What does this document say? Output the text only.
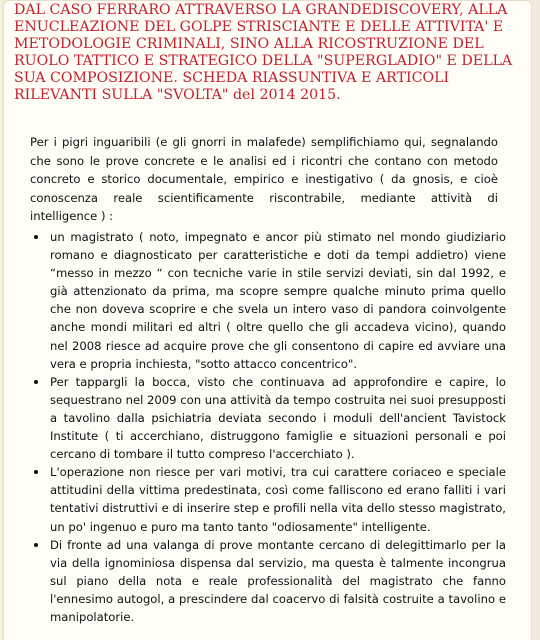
DAL CASO FERRARO ATTRAVERSO LA GRANDEDISCOVERY, ALLA ENUCLEAZIONE DEL GOLPE STRISCIANTE E DELLE ATTIVITA' E METODOLOGIE CRIMINALI, SINO ALLA RICOSTRUZIONE DEL RUOLO TATTICO E STRATEGICO DELLA "SUPERGLADIO" E DELLA SUA COMPOSIZIONE. SCHEDA RIASSUNTIVA E ARTICOLI RILEVANTI SULLA "SVOLTA" del 2014 2015.

Per i pigri inguaribili (e gli gnorri in malafede) semplifichiamo qui, segnalando che sono le prove concrete e le analisi ed i ricontri che contano con metodo concreto e storico documentale, empirico e inestigativo ( da gnosis, e cioè conoscenza reale scientificamente riscontrabile, mediante attività di intelligence ) :

un magistrato ( noto, impegnato e ancor più stimato nel mondo giudiziario romano e diagnosticato per caratteristiche e doti da tempi addietro) viene “messo in mezzo “ con tecniche varie in stile servizi deviati, sin dal 1992, e già attenzionato da prima, ma scopre sempre qualche minuto prima quello che non doveva scoprire e che svela un intero vaso di pandora coinvolgente anche mondi militari ed altri ( oltre quello che gli accadeva vicino), quando nel 2008 riesce ad acquire prove che gli consentono di capire ed avviare una vera e propria inchiesta, "sotto attacco concentrico".
Per tappargli la bocca, visto che continuava ad approfondire e capire, lo sequestrano nel 2009 con una attività da tempo costruita nei suoi presupposti a tavolino dalla psichiatria deviata secondo i moduli dell'ancient Tavistock Institute ( ti accerchiano, distruggono famiglie e situazioni personali e poi cercano di tombare il tutto compreso l'accerchiato ).
L'operazione non riesce per vari motivi, tra cui carattere coriaceo e speciale attitudini della vittima predestinata, così come falliscono ed erano falliti i vari tentativi distruttivi e di inserire step e profili nella vita dello stesso magistrato, un po' ingenuo e puro ma tanto tanto "odiosamente" intelligente.
Di fronte ad una valanga di prove montante cercano di delegittimarlo per la via della ignominiosa dispensa dal servizio, ma questa è talmente incongrua sul piano della nota e reale professionalità del magistrato che fanno l'ennesimo autogol, a prescindere dal coacervo di falsità costruite a tavolino e manipolatorie.
